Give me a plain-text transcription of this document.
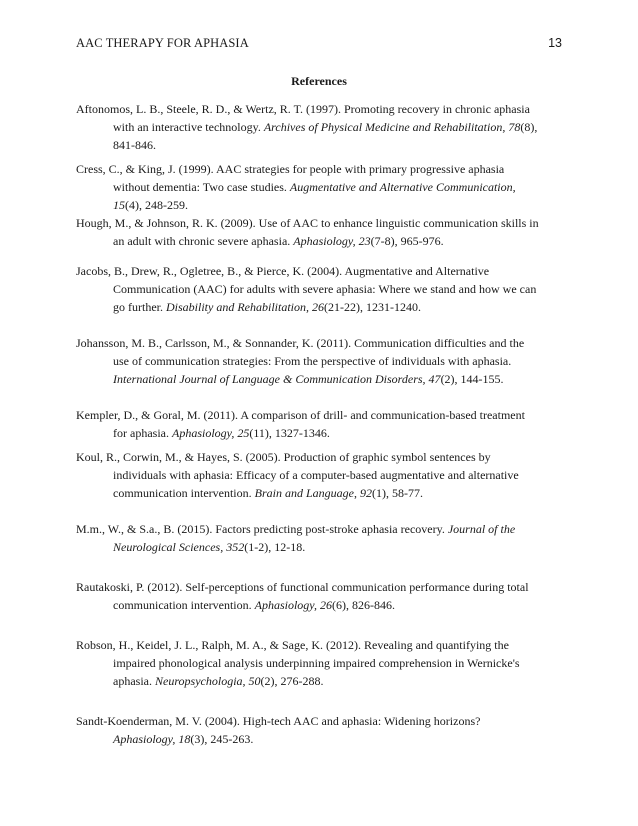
AAC THERAPY FOR APHASIA	13
References
Aftonomos, L. B., Steele, R. D., & Wertz, R. T. (1997). Promoting recovery in chronic aphasia
with an interactive technology. Archives of Physical Medicine and Rehabilitation, 78(8),
841-846.
Cress, C., & King, J. (1999). AAC strategies for people with primary progressive aphasia
without dementia: Two case studies. Augmentative and Alternative Communication,
15(4), 248-259.
Hough, M., & Johnson, R. K. (2009). Use of AAC to enhance linguistic communication skills in
an adult with chronic severe aphasia. Aphasiology, 23(7-8), 965-976.
Jacobs, B., Drew, R., Ogletree, B., & Pierce, K. (2004). Augmentative and Alternative
Communication (AAC) for adults with severe aphasia: Where we stand and how we can
go further. Disability and Rehabilitation, 26(21-22), 1231-1240.
Johansson, M. B., Carlsson, M., & Sonnander, K. (2011). Communication difficulties and the
use of communication strategies: From the perspective of individuals with aphasia.
International Journal of Language & Communication Disorders, 47(2), 144-155.
Kempler, D., & Goral, M. (2011). A comparison of drill- and communication-based treatment
for aphasia. Aphasiology, 25(11), 1327-1346.
Koul, R., Corwin, M., & Hayes, S. (2005). Production of graphic symbol sentences by
individuals with aphasia: Efficacy of a computer-based augmentative and alternative
communication intervention. Brain and Language, 92(1), 58-77.
M.m., W., & S.a., B. (2015). Factors predicting post-stroke aphasia recovery. Journal of the
Neurological Sciences, 352(1-2), 12-18.
Rautakoski, P. (2012). Self-perceptions of functional communication performance during total
communication intervention. Aphasiology, 26(6), 826-846.
Robson, H., Keidel, J. L., Ralph, M. A., & Sage, K. (2012). Revealing and quantifying the
impaired phonological analysis underpinning impaired comprehension in Wernicke's
aphasia. Neuropsychologia, 50(2), 276-288.
Sandt-Koenderman, M. V. (2004). High-tech AAC and aphasia: Widening horizons?
Aphasiology, 18(3), 245-263.
